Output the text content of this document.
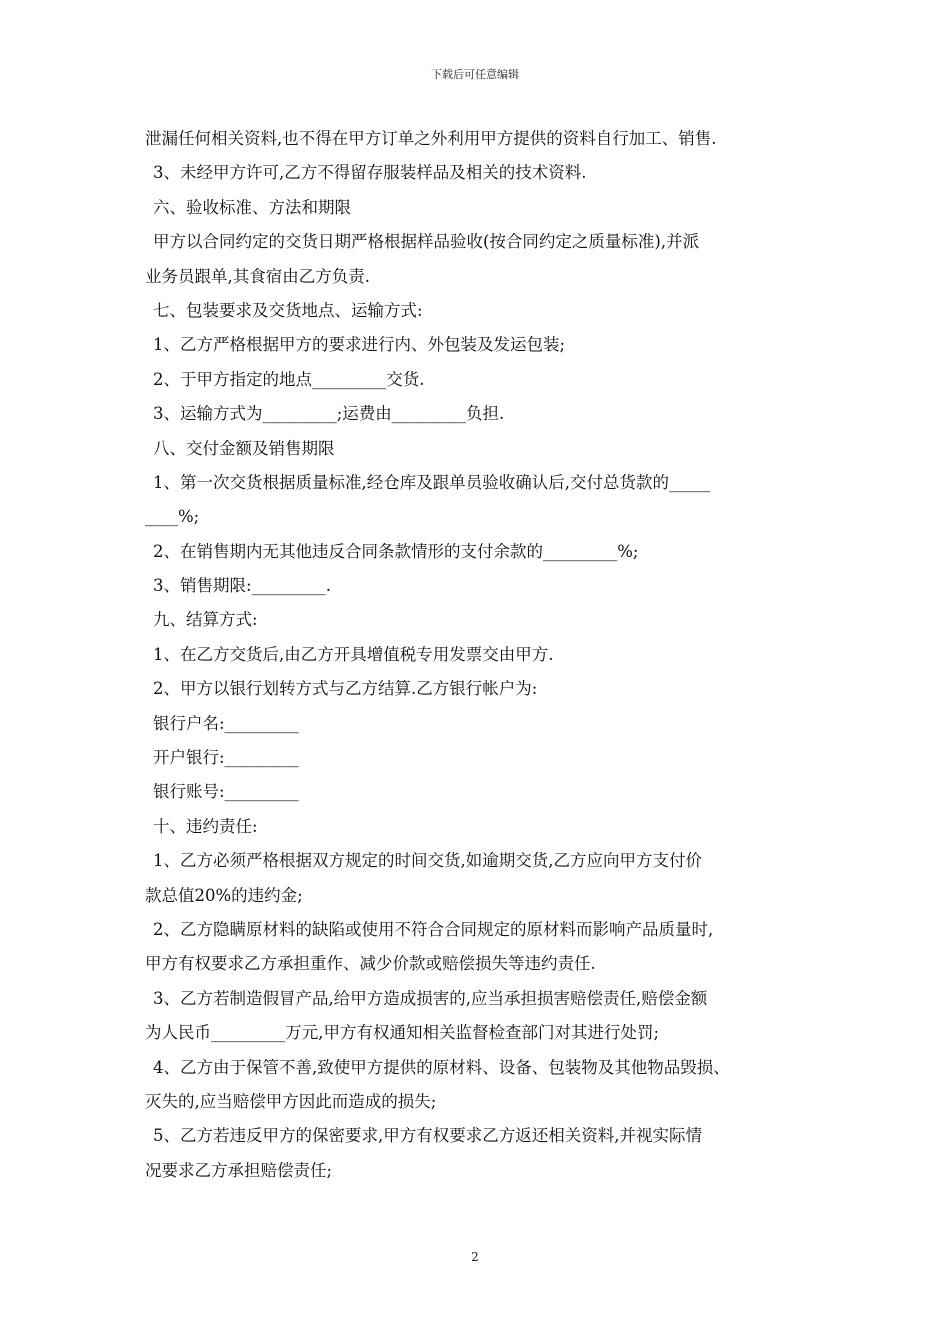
下载后可任意编辑
泄漏任何相关资料,也不得在甲方订单之外利用甲方提供的资料自行加工、销售.
3、未经甲方许可,乙方不得留存服装样品及相关的技术资料.
六、验收标准、方法和期限
甲方以合同约定的交货日期严格根据样品验收(按合同约定之质量标准),并派
业务员跟单,其食宿由乙方负责.
七、包装要求及交货地点、运输方式:
1、乙方严格根据甲方的要求进行内、外包装及发运包装;
2、于甲方指定的地点_________交货.
3、运输方式为_________;运费由_________负担.
八、交付金额及销售期限
1、第一次交货根据质量标准,经仓库及跟单员验收确认后,交付总货款的_____
____%;
2、在销售期内无其他违反合同条款情形的支付余款的_________%;
3、销售期限:_________.
九、结算方式:
1、在乙方交货后,由乙方开具增值税专用发票交由甲方.
2、甲方以银行划转方式与乙方结算.乙方银行帐户为:
银行户名:_________
开户银行:_________
银行账号:_________
十、违约责任:
1、乙方必须严格根据双方规定的时间交货,如逾期交货,乙方应向甲方支付价
款总值20%的违约金;
2、乙方隐瞒原材料的缺陷或使用不符合合同规定的原材料而影响产品质量时,
甲方有权要求乙方承担重作、减少价款或赔偿损失等违约责任.
3、乙方若制造假冒产品,给甲方造成损害的,应当承担损害赔偿责任,赔偿金额
为人民币_________万元,甲方有权通知相关监督检查部门对其进行处罚;
4、乙方由于保管不善,致使甲方提供的原材料、设备、包装物及其他物品毁损、
灭失的,应当赔偿甲方因此而造成的损失;
5、乙方若违反甲方的保密要求,甲方有权要求乙方返还相关资料,并视实际情
况要求乙方承担赔偿责任;
2
